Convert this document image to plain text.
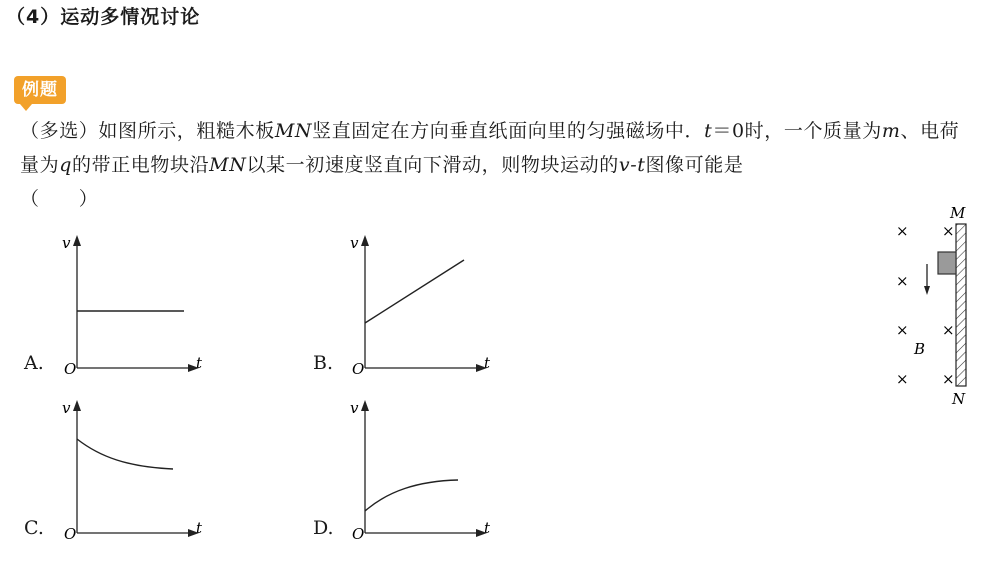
（4）运动多情况讨论
例题
（多选）如图所示，粗糙木板MN竖直固定在方向垂直纸面向里的匀强磁场中．t＝0时，一个质量为m、电荷量为q的带正电物块沿MN以某一初速度竖直向下滑动，则物块运动的v-t图像可能是
（　　）
A.
v
t
O	B.
v
t
O
C.
v
t
O	D.
v
t
O
M
N
B
× ×
×
× ×
× ×
